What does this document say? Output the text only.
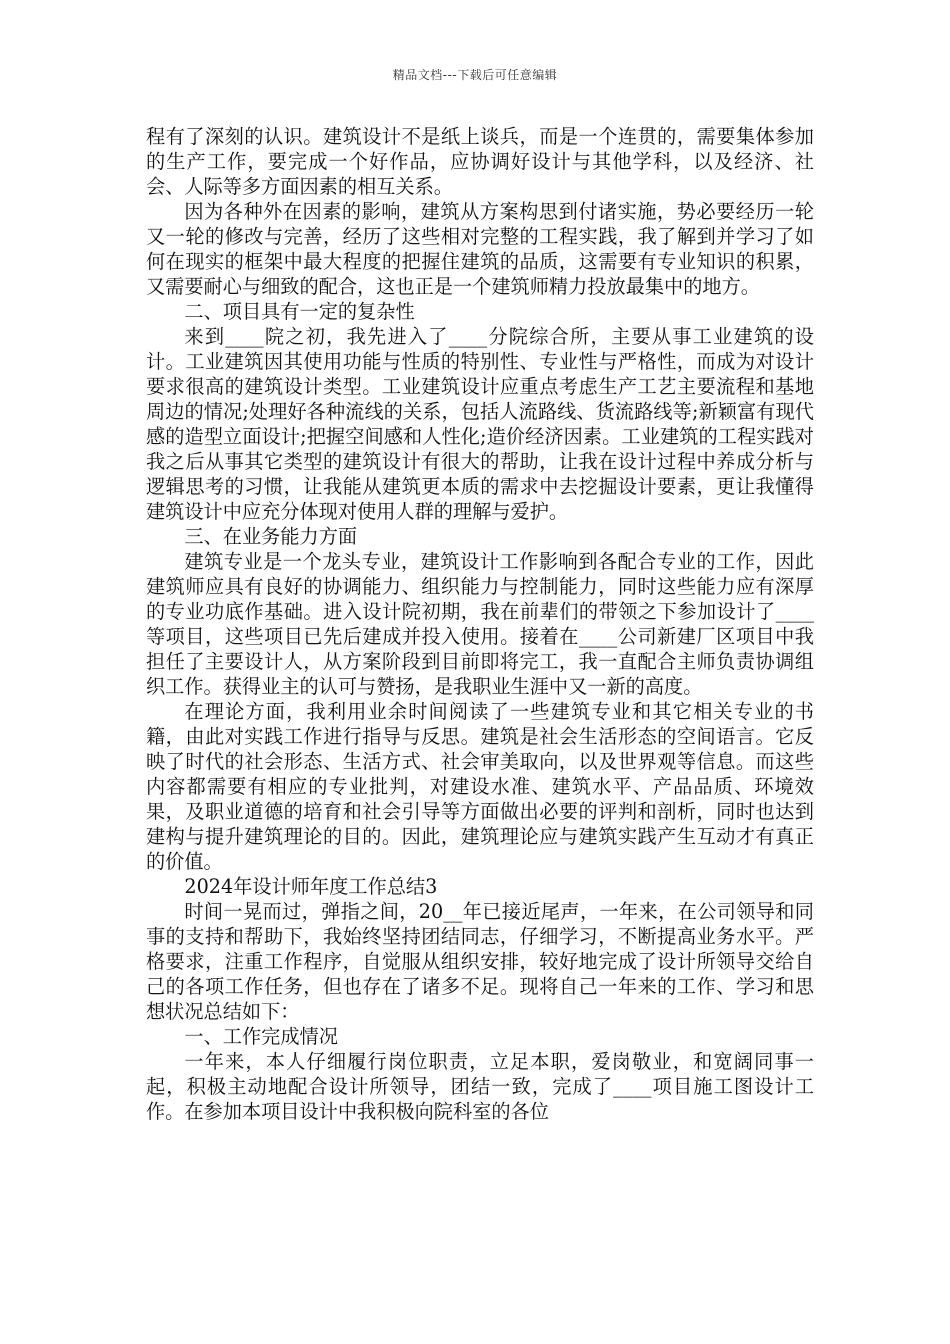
精品文档---下载后可任意编辑

程有了深刻的认识。建筑设计不是纸上谈兵，而是一个连贯的，需要集体参加的生产工作，要完成一个好作品，应协调好设计与其他学科，以及经济、社会、人际等多方面因素的相互关系。

因为各种外在因素的影响，建筑从方案构思到付诸实施，势必要经历一轮又一轮的修改与完善，经历了这些相对完整的工程实践，我了解到并学习了如何在现实的框架中最大程度的把握住建筑的品质，这需要有专业知识的积累，又需要耐心与细致的配合，这也正是一个建筑师精力投放最集中的地方。

二、项目具有一定的复杂性

来到____院之初，我先进入了____分院综合所，主要从事工业建筑的设计。工业建筑因其使用功能与性质的特别性、专业性与严格性，而成为对设计要求很高的建筑设计类型。工业建筑设计应重点考虑生产工艺主要流程和基地周边的情况;处理好各种流线的关系，包括人流路线、货流路线等;新颖富有现代感的造型立面设计;把握空间感和人性化;造价经济因素。工业建筑的工程实践对我之后从事其它类型的建筑设计有很大的帮助，让我在设计过程中养成分析与逻辑思考的习惯，让我能从建筑更本质的需求中去挖掘设计要素，更让我懂得建筑设计中应充分体现对使用人群的理解与爱护。

三、在业务能力方面

建筑专业是一个龙头专业，建筑设计工作影响到各配合专业的工作，因此建筑师应具有良好的协调能力、组织能力与控制能力，同时这些能力应有深厚的专业功底作基础。进入设计院初期，我在前辈们的带领之下参加设计了____等项目，这些项目已先后建成并投入使用。接着在____公司新建厂区项目中我担任了主要设计人，从方案阶段到目前即将完工，我一直配合主师负责协调组织工作。获得业主的认可与赞扬，是我职业生涯中又一新的高度。

在理论方面，我利用业余时间阅读了一些建筑专业和其它相关专业的书籍，由此对实践工作进行指导与反思。建筑是社会生活形态的空间语言。它反映了时代的社会形态、生活方式、社会审美取向，以及世界观等信息。而这些内容都需要有相应的专业批判，对建设水准、建筑水平、产品品质、环境效果，及职业道德的培育和社会引导等方面做出必要的评判和剖析，同时也达到建构与提升建筑理论的目的。因此，建筑理论应与建筑实践产生互动才有真正的价值。

2024年设计师年度工作总结3

时间一晃而过，弹指之间，20__年已接近尾声，一年来，在公司领导和同事的支持和帮助下，我始终坚持团结同志，仔细学习，不断提高业务水平。严格要求，注重工作程序，自觉服从组织安排，较好地完成了设计所领导交给自己的各项工作任务，但也存在了诸多不足。现将自己一年来的工作、学习和思想状况总结如下：

一、工作完成情况

一年来，本人仔细履行岗位职责，立足本职，爱岗敬业，和宽阔同事一起，积极主动地配合设计所领导，团结一致，完成了____项目施工图设计工作。在参加本项目设计中我积极向院科室的各位
